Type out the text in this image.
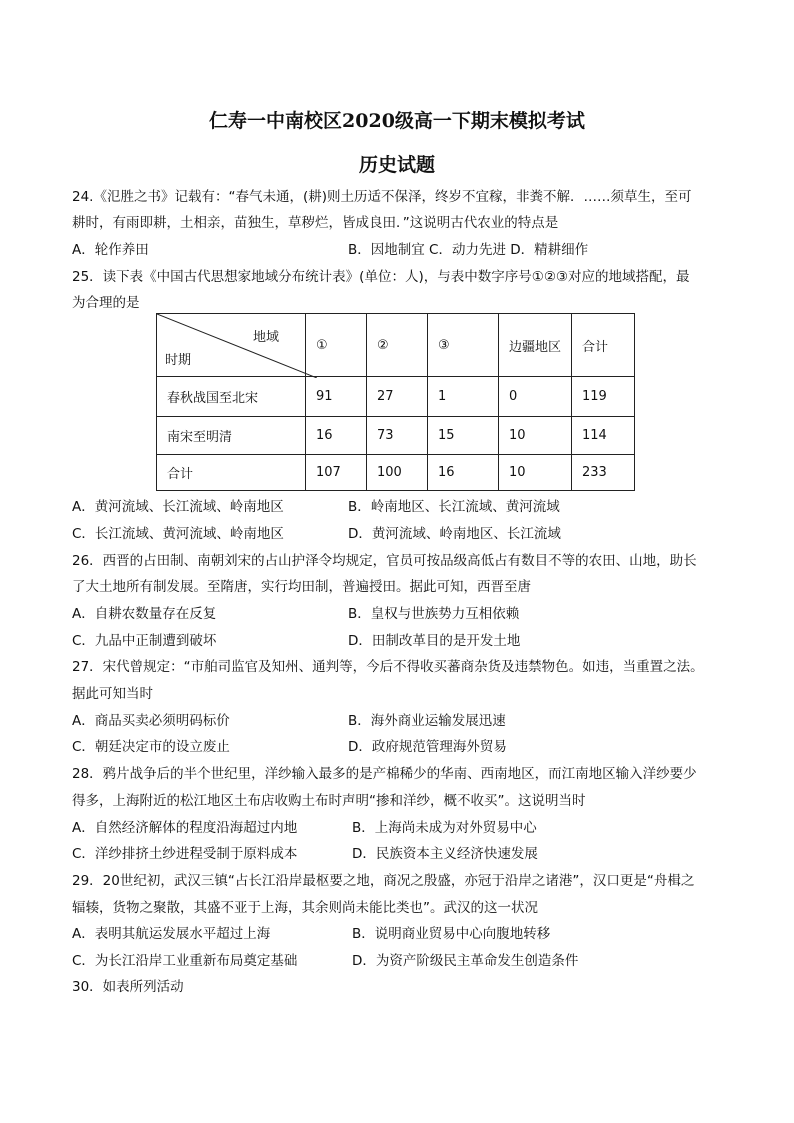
仁寿一中南校区2020级高一下期末模拟考试
历史试题
24.《氾胜之书》记载有：“春气未通，(耕)则土历适不保泽，终岁不宜稼，非粪不解．……须草生，至可
耕时，有雨即耕，土相亲，苗独生，草秽烂，皆成良田．”这说明古代农业的特点是
A．轮作养田	B．因地制宜 C．动力先进 D．精耕细作
25．读下表《中国古代思想家地域分布统计表》(单位：人)，与表中数字序号①②③对应的地域搭配，最
为合理的是
地域
时期	①	②	③	边疆地区	合计
春秋战国至北宋	91	27	1	0	119
南宋至明清	16	73	15	10	114
合计	107	100	16	10	233
A．黄河流域、长江流域、岭南地区	B．岭南地区、长江流域、黄河流域
C．长江流域、黄河流域、岭南地区	D．黄河流域、岭南地区、长江流域
26．西晋的占田制、南朝刘宋的占山护泽令均规定，官员可按品级高低占有数目不等的农田、山地，助长
了大土地所有制发展。至隋唐，实行均田制，普遍授田。据此可知，西晋至唐
A．自耕农数量存在反复	B．皇权与世族势力互相依赖
C．九品中正制遭到破坏	D．田制改革目的是开发土地
27．宋代曾规定：“市舶司监官及知州、通判等，今后不得收买蕃商杂货及违禁物色。如违，当重置之法。
据此可知当时
A．商品买卖必须明码标价	B．海外商业运输发展迅速
C．朝廷决定市的设立废止	D．政府规范管理海外贸易
28．鸦片战争后的半个世纪里，洋纱输入最多的是产棉稀少的华南、西南地区，而江南地区输入洋纱要少
得多，上海附近的松江地区土布店收购土布时声明“掺和洋纱，概不收买”。这说明当时
A．自然经济解体的程度沿海超过内地	B．上海尚未成为对外贸易中心
C．洋纱排挤土纱进程受制于原料成本	D．民族资本主义经济快速发展
29．20世纪初，武汉三镇“占长江沿岸最枢要之地，商况之殷盛，亦冠于沿岸之诸港”，汉口更是“舟楫之
辐辏，货物之聚散，其盛不亚于上海，其余则尚未能比类也”。武汉的这一状况
A．表明其航运发展水平超过上海	B．说明商业贸易中心向腹地转移
C．为长江沿岸工业重新布局奠定基础	D．为资产阶级民主革命发生创造条件
30．如表所列活动
